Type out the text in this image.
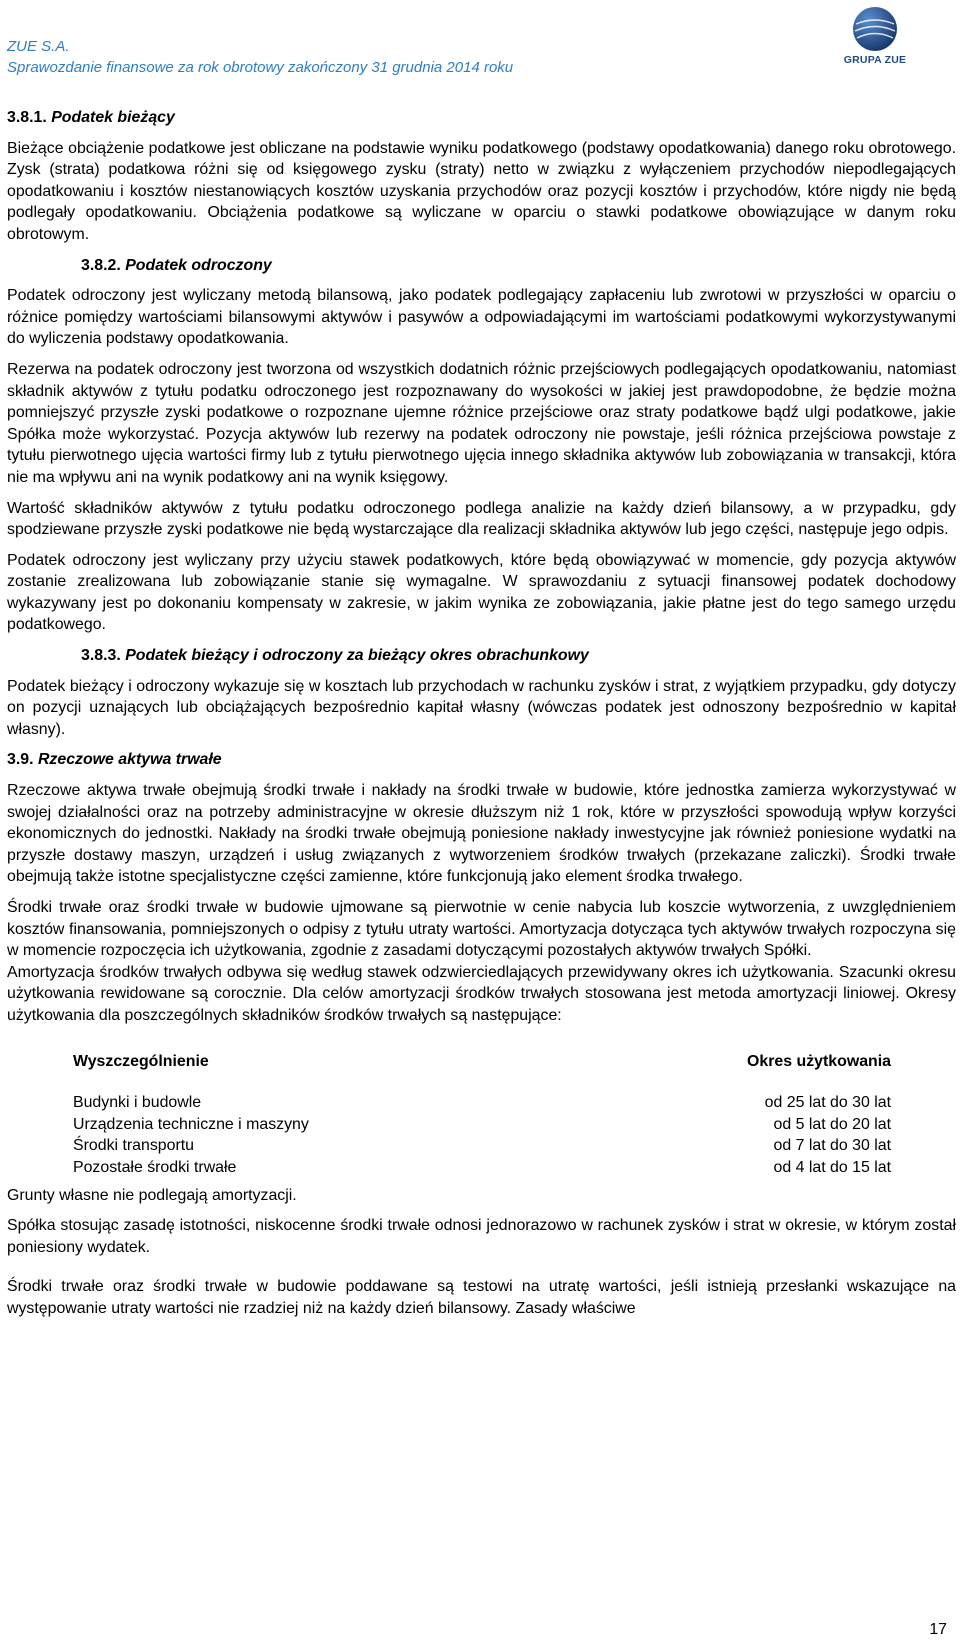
ZUE S.A.
Sprawozdanie finansowe za rok obrotowy zakończony 31 grudnia 2014 roku	GRUPA ZUE
3.8.1. Podatek bieżący

Bieżące obciążenie podatkowe jest obliczane na podstawie wyniku podatkowego (podstawy opodatkowania) danego roku obrotowego. Zysk (strata) podatkowa różni się od księgowego zysku (straty) netto w związku z wyłączeniem przychodów niepodlegających opodatkowaniu i kosztów niestanowiących kosztów uzyskania przychodów oraz pozycji kosztów i przychodów, które nigdy nie będą podlegały opodatkowaniu. Obciążenia podatkowe są wyliczane w oparciu o stawki podatkowe obowiązujące w danym roku obrotowym.

3.8.2. Podatek odroczony

Podatek odroczony jest wyliczany metodą bilansową, jako podatek podlegający zapłaceniu lub zwrotowi w przyszłości w oparciu o różnice pomiędzy wartościami bilansowymi aktywów i pasywów a odpowiadającymi im wartościami podatkowymi wykorzystywanymi do wyliczenia podstawy opodatkowania.

Rezerwa na podatek odroczony jest tworzona od wszystkich dodatnich różnic przejściowych podlegających opodatkowaniu, natomiast składnik aktywów z tytułu podatku odroczonego jest rozpoznawany do wysokości w jakiej jest prawdopodobne, że będzie można pomniejszyć przyszłe zyski podatkowe o rozpoznane ujemne różnice przejściowe oraz straty podatkowe bądź ulgi podatkowe, jakie Spółka może wykorzystać. Pozycja aktywów lub rezerwy na podatek odroczony nie powstaje, jeśli różnica przejściowa powstaje z tytułu pierwotnego ujęcia wartości firmy lub z tytułu pierwotnego ujęcia innego składnika aktywów lub zobowiązania w transakcji, która nie ma wpływu ani na wynik podatkowy ani na wynik księgowy.

Wartość składników aktywów z tytułu podatku odroczonego podlega analizie na każdy dzień bilansowy, a w przypadku, gdy spodziewane przyszłe zyski podatkowe nie będą wystarczające dla realizacji składnika aktywów lub jego części, następuje jego odpis.

Podatek odroczony jest wyliczany przy użyciu stawek podatkowych, które będą obowiązywać w momencie, gdy pozycja aktywów zostanie zrealizowana lub zobowiązanie stanie się wymagalne. W sprawozdaniu z sytuacji finansowej podatek dochodowy wykazywany jest po dokonaniu kompensaty w zakresie, w jakim wynika ze zobowiązania, jakie płatne jest do tego samego urzędu podatkowego.

3.8.3. Podatek bieżący i odroczony za bieżący okres obrachunkowy

Podatek bieżący i odroczony wykazuje się w kosztach lub przychodach w rachunku zysków i strat, z wyjątkiem przypadku, gdy dotyczy on pozycji uznających lub obciążających bezpośrednio kapitał własny (wówczas podatek jest odnoszony bezpośrednio w kapitał własny).

3.9. Rzeczowe aktywa trwałe

Rzeczowe aktywa trwałe obejmują środki trwałe i nakłady na środki trwałe w budowie, które jednostka zamierza wykorzystywać w swojej działalności oraz na potrzeby administracyjne w okresie dłuższym niż 1 rok, które w przyszłości spowodują wpływ korzyści ekonomicznych do jednostki. Nakłady na środki trwałe obejmują poniesione nakłady inwestycyjne jak również poniesione wydatki na przyszłe dostawy maszyn, urządzeń i usług związanych z wytworzeniem środków trwałych (przekazane zaliczki). Środki trwałe obejmują także istotne specjalistyczne części zamienne, które funkcjonują jako element środka trwałego.

Środki trwałe oraz środki trwałe w budowie ujmowane są pierwotnie w cenie nabycia lub koszcie wytworzenia, z uwzględnieniem kosztów finansowania, pomniejszonych o odpisy z tytułu utraty wartości. Amortyzacja dotycząca tych aktywów trwałych rozpoczyna się w momencie rozpoczęcia ich użytkowania, zgodnie z zasadami dotyczącymi pozostałych aktywów trwałych Spółki.

Amortyzacja środków trwałych odbywa się według stawek odzwierciedlających przewidywany okres ich użytkowania. Szacunki okresu użytkowania rewidowane są corocznie. Dla celów amortyzacji środków trwałych stosowana jest metoda amortyzacji liniowej. Okresy użytkowania dla poszczególnych składników środków trwałych są następujące:

Wyszczególnienie	Okres użytkowania
Budynki i budowle	od 25 lat do 30 lat
Urządzenia techniczne i maszyny	od 5 lat do 20 lat
Środki transportu	od 7 lat do 30 lat
Pozostałe środki trwałe	od 4 lat do 15 lat

Grunty własne nie podlegają amortyzacji.

Spółka stosując zasadę istotności, niskocenne środki trwałe odnosi jednorazowo w rachunek zysków i strat w okresie, w którym został poniesiony wydatek.

Środki trwałe oraz środki trwałe w budowie poddawane są testowi na utratę wartości, jeśli istnieją przesłanki wskazujące na występowanie utraty wartości nie rzadziej niż na każdy dzień bilansowy. Zasady właściwe

17
